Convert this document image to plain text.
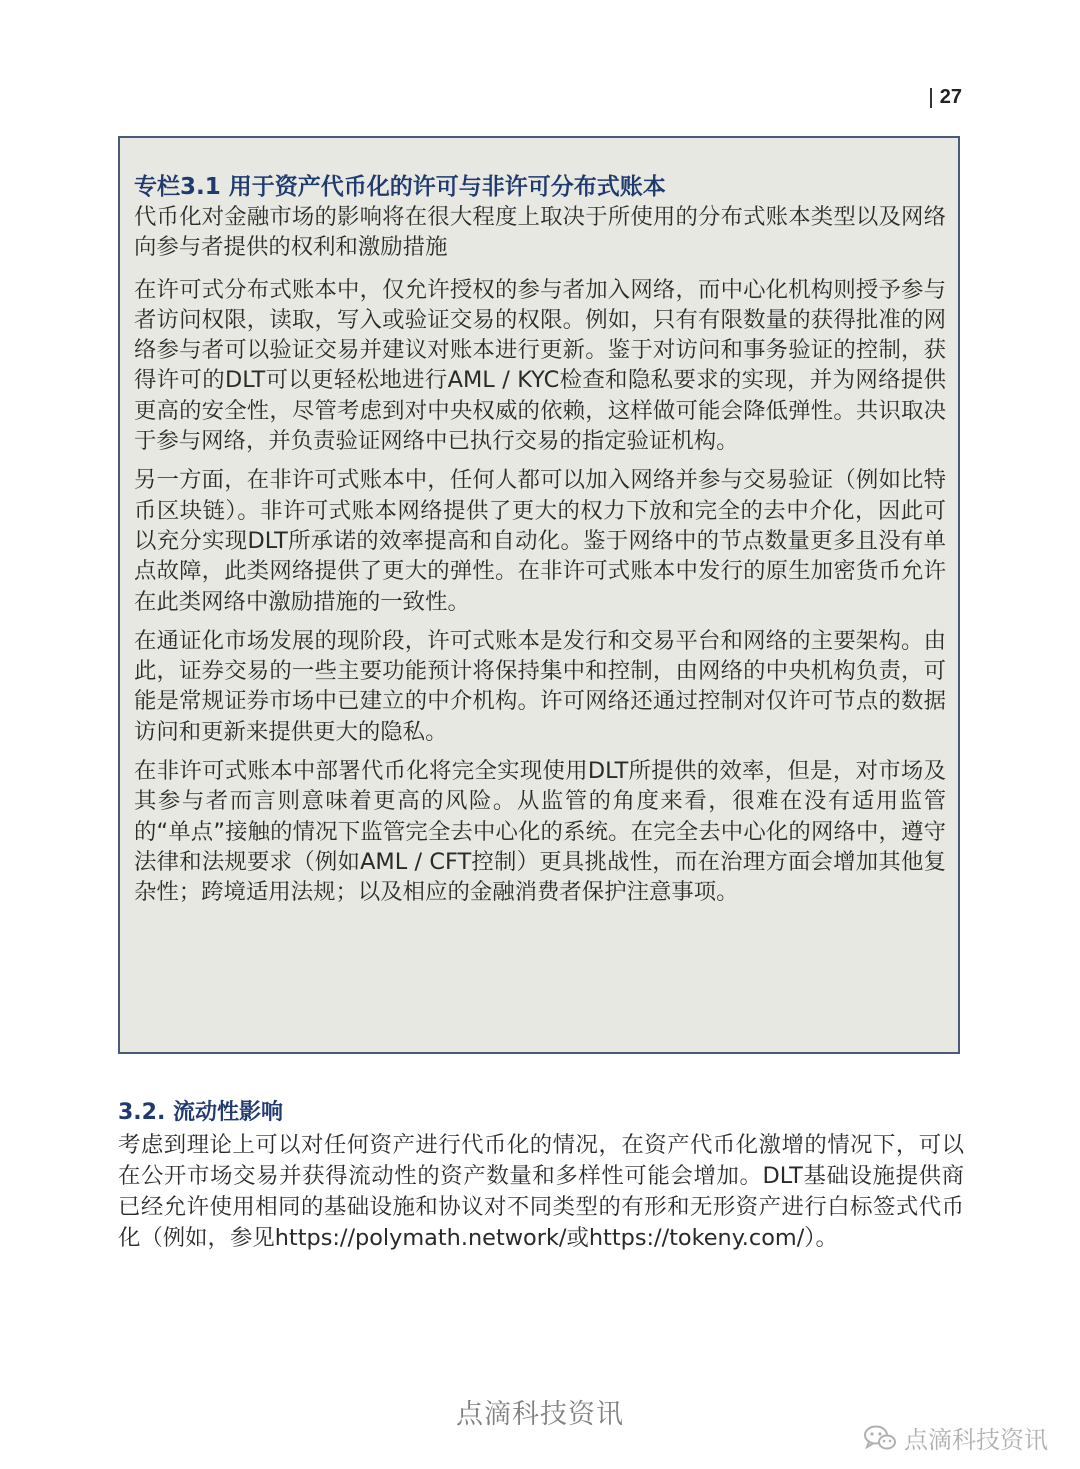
27
专栏3.1 用于资产代币化的许可与非许可分布式账本

代币化对金融市场的影响将在很大程度上取决于所使用的分布式账本类型以及网络向参与者提供的权利和激励措施

在许可式分布式账本中，仅允许授权的参与者加入网络，而中心化机构则授予参与者访问权限，读取，写入或验证交易的权限。例如，只有有限数量的获得批准的网络参与者可以验证交易并建议对账本进行更新。鉴于对访问和事务验证的控制，获得许可的DLT可以更轻松地进行AML / KYC检查和隐私要求的实现，并为网络提供更高的安全性，尽管考虑到对中央权威的依赖，这样做可能会降低弹性。共识取决于参与网络，并负责验证网络中已执行交易的指定验证机构。

另一方面，在非许可式账本中，任何人都可以加入网络并参与交易验证（例如比特币区块链）。非许可式账本网络提供了更大的权力下放和完全的去中介化，因此可以充分实现DLT所承诺的效率提高和自动化。鉴于网络中的节点数量更多且没有单点故障，此类网络提供了更大的弹性。在非许可式账本中发行的原生加密货币允许在此类网络中激励措施的一致性。

在通证化市场发展的现阶段，许可式账本是发行和交易平台和网络的主要架构。由此，证券交易的一些主要功能预计将保持集中和控制，由网络的中央机构负责，可能是常规证券市场中已建立的中介机构。许可网络还通过控制对仅许可节点的数据访问和更新来提供更大的隐私。

在非许可式账本中部署代币化将完全实现使用DLT所提供的效率，但是，对市场及其参与者而言则意味着更高的风险。从监管的角度来看，很难在没有适用监管的“单点”接触的情况下监管完全去中心化的系统。在完全去中心化的网络中，遵守法律和法规要求（例如AML / CFT控制）更具挑战性，而在治理方面会增加其他复杂性；跨境适用法规；以及相应的金融消费者保护注意事项。

3.2. 流动性影响

考虑到理论上可以对任何资产进行代币化的情况，在资产代币化激增的情况下，可以在公开市场交易并获得流动性的资产数量和多样性可能会增加。DLT基础设施提供商已经允许使用相同的基础设施和协议对不同类型的有形和无形资产进行白标签式代币化（例如，参见https://polymath.network/或https://tokeny.com/）。

点滴科技资讯
点滴科技资讯
